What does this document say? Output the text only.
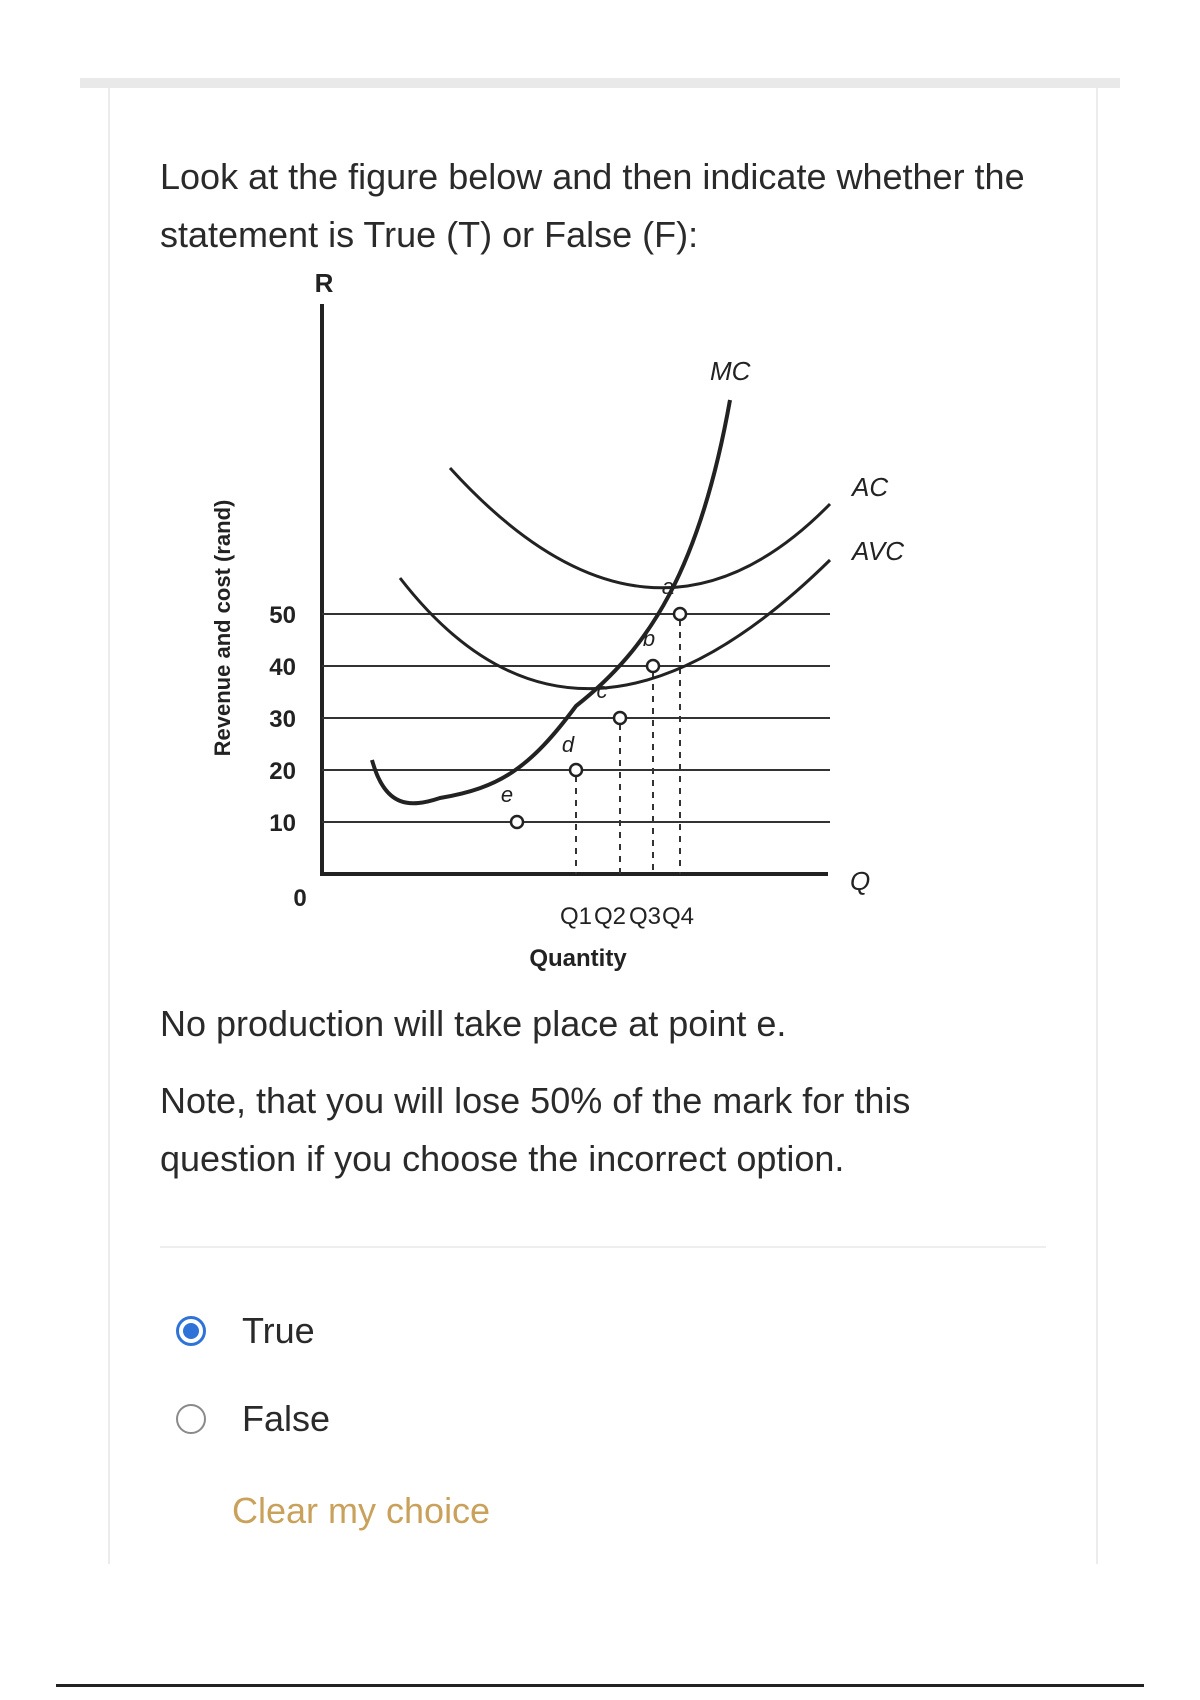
Look at the figure below and then indicate whether the statement is True (T) or False (F):
R
Revenue and cost (rand)
Q
0
10
20
30
40
50
MC
AC
AVC
e
d
c
b
a
Q1 Q2 Q3 Q4
Quantity
No production will take place at point e.
Note, that you will lose 50% of the mark for this question if you choose the incorrect option.
True
False
Clear my choice
